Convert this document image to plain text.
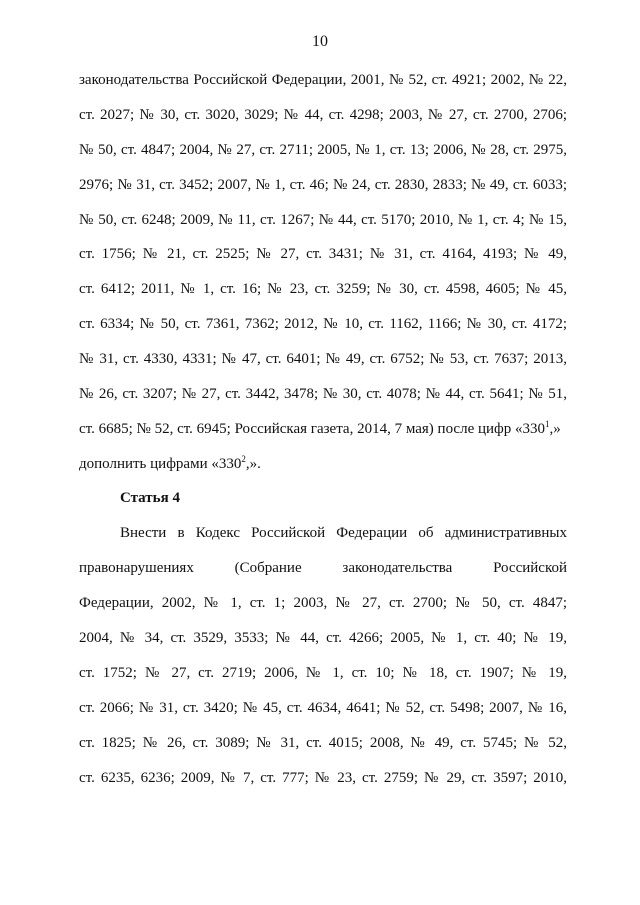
10
законодательства Российской Федерации, 2001, № 52, ст. 4921; 2002, № 22,
ст. 2027; № 30, ст. 3020, 3029; № 44, ст. 4298; 2003, № 27, ст. 2700, 2706;
№ 50, ст. 4847; 2004, № 27, ст. 2711; 2005, № 1, ст. 13; 2006, № 28, ст. 2975,
2976; № 31, ст. 3452; 2007, № 1, ст. 46; № 24, ст. 2830, 2833; № 49, ст. 6033;
№ 50, ст. 6248; 2009, № 11, ст. 1267; № 44, ст. 5170; 2010, № 1, ст. 4; № 15,
ст. 1756; № 21, ст. 2525; № 27, ст. 3431; № 31, ст. 4164, 4193; № 49,
ст. 6412; 2011, № 1, ст. 16; № 23, ст. 3259; № 30, ст. 4598, 4605; № 45,
ст. 6334; № 50, ст. 7361, 7362; 2012, № 10, ст. 1162, 1166; № 30, ст. 4172;
№ 31, ст. 4330, 4331; № 47, ст. 6401; № 49, ст. 6752; № 53, ст. 7637; 2013,
№ 26, ст. 3207; № 27, ст. 3442, 3478; № 30, ст. 4078; № 44, ст. 5641; № 51,
ст. 6685; № 52, ст. 6945; Российская газета, 2014, 7 мая) после цифр «$330^1$,»
дополнить цифрами «$330^2$,».
Статья 4
Внести в Кодекс Российской Федерации об административных
правонарушениях (Собрание законодательства Российской
Федерации, 2002, № 1, ст. 1; 2003, № 27, ст. 2700; № 50, ст. 4847;
2004, № 34, ст. 3529, 3533; № 44, ст. 4266; 2005, № 1, ст. 40; № 19,
ст. 1752; № 27, ст. 2719; 2006, № 1, ст. 10; № 18, ст. 1907; № 19,
ст. 2066; № 31, ст. 3420; № 45, ст. 4634, 4641; № 52, ст. 5498; 2007, № 16,
ст. 1825; № 26, ст. 3089; № 31, ст. 4015; 2008, № 49, ст. 5745; № 52,
ст. 6235, 6236; 2009, № 7, ст. 777; № 23, ст. 2759; № 29, ст. 3597; 2010,
